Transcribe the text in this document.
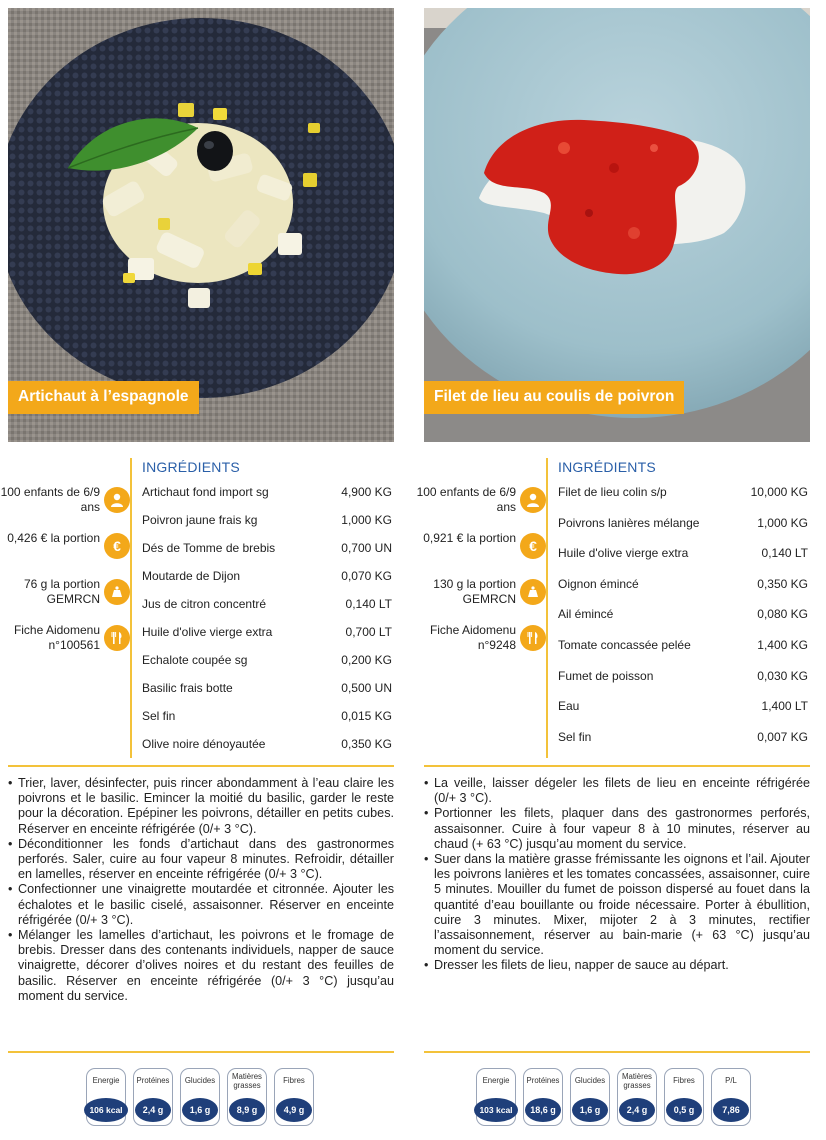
Artichaut à l’espagnole
100 enfants de 6/9 ans
0,426 € la portion €
76 g la portion GEMRCN
Fiche Aidomenu n°100561
INGRÉDIENTS
Artichaut fond import sg	4,900 KG
Poivron jaune frais kg	1,000 KG
Dés de Tomme de brebis	0,700 UN
Moutarde de Dijon	0,070 KG
Jus de citron concentré	0,140 LT
Huile d'olive vierge extra	0,700 LT
Echalote coupée sg	0,200 KG
Basilic frais botte	0,500 UN
Sel fin	0,015 KG
Olive noire dénoyautée	0,350 KG

• Trier, laver, désinfecter, puis rincer abondamment à l’eau claire les poivrons et le basilic. Emincer la moitié du basilic, garder le reste pour la décoration. Epépiner les poivrons, détailler en petits cubes. Réserver en enceinte réfrigérée (0/+ 3 °C).

• Déconditionner les fonds d’artichaut dans des gastronormes perforés. Saler, cuire au four vapeur 8 minutes. Refroidir, détailler en lamelles, réserver en enceinte réfrigérée (0/+ 3 °C).

• Confectionner une vinaigrette moutardée et citronnée. Ajouter les échalotes et le basilic ciselé, assaisonner. Réserver en enceinte réfrigérée (0/+ 3 °C).

• Mélanger les lamelles d’artichaut, les poivrons et le fromage de brebis. Dresser dans des contenants individuels, napper de sauce vinaigrette, décorer d’olives noires et du restant des feuilles de basilic. Réserver en enceinte réfrigérée (0/+ 3 °C) jusqu’au moment du service.

Energie
106 kcal
Protéines
2,4 g
Glucides
1,6 g
Matières grasses
8,9 g
Fibres
4,9 g
Filet de lieu au coulis de poivron
100 enfants de 6/9 ans
0,921 € la portion €
130 g la portion GEMRCN
Fiche Aidomenu n°9248
INGRÉDIENTS
Filet de lieu colin s/p	10,000 KG
Poivrons lanières mélange	1,000 KG
Huile d'olive vierge extra	0,140 LT
Oignon émincé	0,350 KG
Ail émincé	0,080 KG
Tomate concassée pelée	1,400 KG
Fumet de poisson	0,030 KG
Eau	1,400 LT
Sel fin	0,007 KG

• La veille, laisser dégeler les filets de lieu en enceinte réfrigérée (0/+ 3 °C).

• Portionner les filets, plaquer dans des gastronormes perforés, assaisonner. Cuire à four vapeur 8 à 10 minutes, réserver au chaud (+ 63 °C) jusqu’au moment du service.

• Suer dans la matière grasse frémissante les oignons et l’ail. Ajouter les poivrons lanières et les tomates concassées, assaisonner, cuire 5 minutes. Mouiller du fumet de poisson dispersé au fouet dans la quantité d’eau bouillante ou froide nécessaire. Porter à ébullition, cuire 3 minutes. Mixer, mijoter 2 à 3 minutes, rectifier l’assaisonnement, réserver au bain-marie (+ 63 °C) jusqu’au moment du service.

• Dresser les filets de lieu, napper de sauce au départ.

Energie
103 kcal
Protéines
18,6 g
Glucides
1,6 g
Matières grasses
2,4 g
Fibres
0,5 g
P/L
7,86
